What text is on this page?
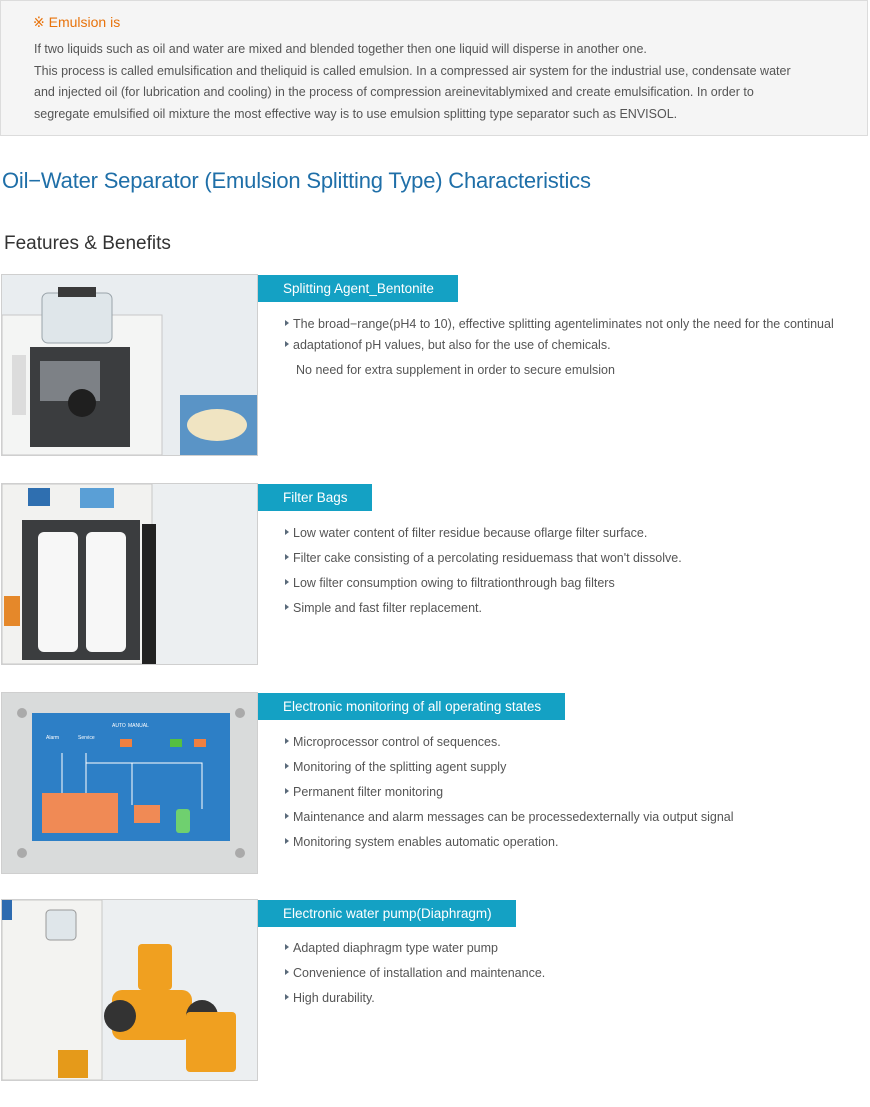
※ Emulsion is
If two liquids such as oil and water are mixed and blended together then one liquid will disperse in another one.
This process is called emulsification and theliquid is called emulsion. In a compressed air system for the industrial use, condensate water
and injected oil (for lubrication and cooling) in the process of compression areinevitablymixed and create emulsification. In order to
segregate emulsified oil mixture the most effective way is to use emulsion splitting type separator such as ENVISOL.
Oil−Water Separator (Emulsion Splitting Type) Characteristics
Features & Benefits
Splitting Agent_Bentonite
The broad−range(pH4 to 10), effective splitting agenteliminates not only the need for the continual
adaptationof pH values, but also for the use of chemicals.
No need for extra supplement in order to secure emulsion
Filter Bags
Low water content of filter residue because oflarge filter surface.
Filter cake consisting of a percolating residuemass that won't dissolve.
Low filter consumption owing to filtrationthrough bag filters
Simple and fast filter replacement.
AUTO MANUAL
Alarm	Service
Electronic monitoring of all operating states
Microprocessor control of sequences.
Monitoring of the splitting agent supply
Permanent filter monitoring
Maintenance and alarm messages can be processedexternally via output signal
Monitoring system enables automatic operation.
Electronic water pump(Diaphragm)
Adapted diaphragm type water pump
Convenience of installation and maintenance.
High durability.
